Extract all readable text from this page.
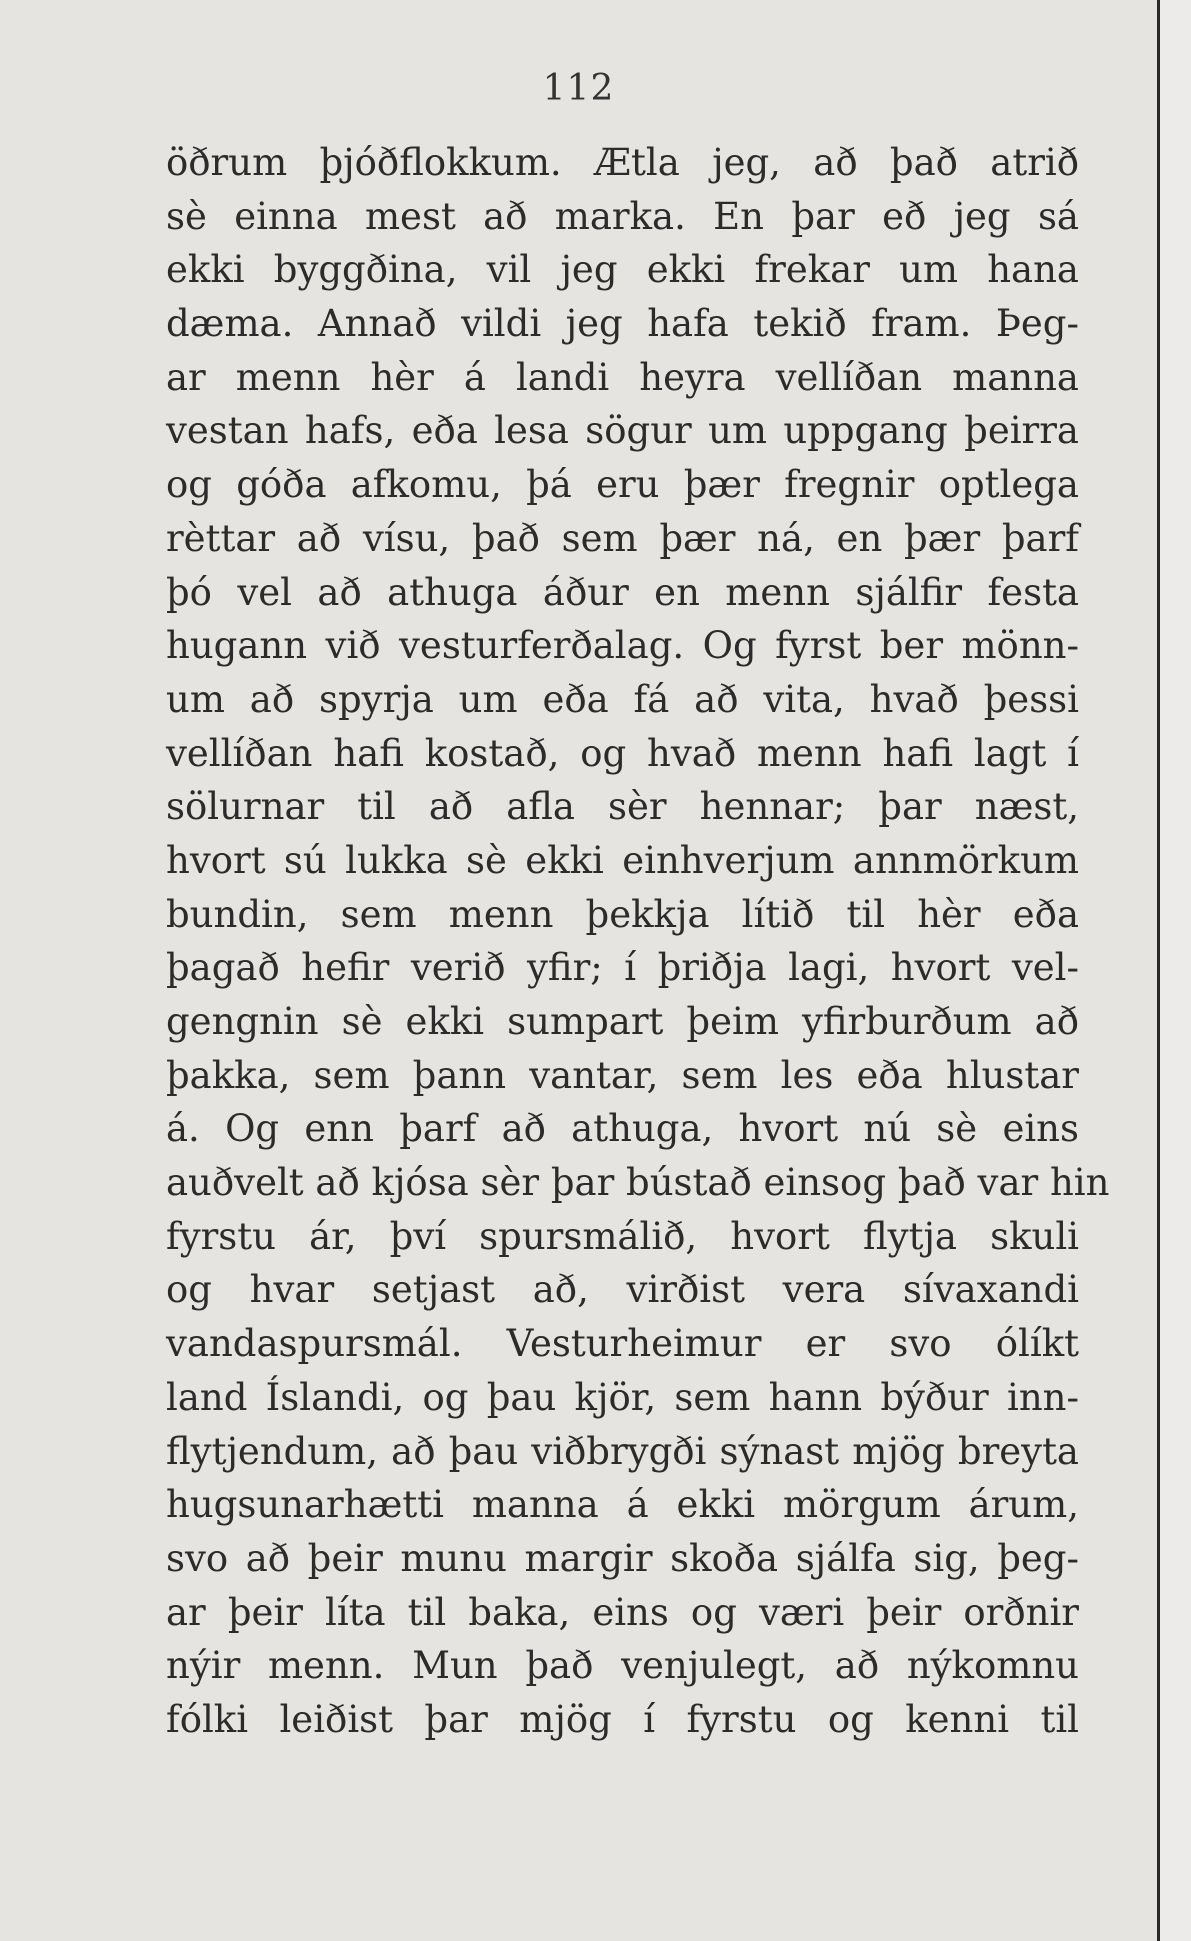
112
öðrum þjóðflokkum. Ætla jeg, að það atrið
sè einna mest að marka. En þar eð jeg sá
ekki byggðina, vil jeg ekki frekar um hana
dæma. Annað vildi jeg hafa tekið fram. Þeg-
ar menn hèr á landi heyra vellíðan manna
vestan hafs, eða lesa sögur um uppgang þeirra
og góða afkomu, þá eru þær fregnir optlega
rèttar að vísu, það sem þær ná, en þær þarf
þó vel að athuga áður en menn sjálfir festa
hugann við vesturferðalag. Og fyrst ber mönn-
um að spyrja um eða fá að vita, hvað þessi
vellíðan hafi kostað, og hvað menn hafi lagt í
sölurnar til að afla sèr hennar; þar næst,
hvort sú lukka sè ekki einhverjum annmörkum
bundin, sem menn þekkja lítið til hèr eða
þagað hefir verið yfir; í þriðja lagi, hvort vel-
gengnin sè ekki sumpart þeim yfirburðum að
þakka, sem þann vantar, sem les eða hlustar
á. Og enn þarf að athuga, hvort nú sè eins
auðvelt að kjósa sèr þar bústað einsog það var hin
fyrstu ár, því spursmálið, hvort flytja skuli
og hvar setjast að, virðist vera sívaxandi
vandaspursmál. Vesturheimur er svo ólíkt
land Íslandi, og þau kjör, sem hann býður inn-
flytjendum, að þau viðbrygði sýnast mjög breyta
hugsunarhætti manna á ekki mörgum árum,
svo að þeir munu margir skoða sjálfa sig, þeg-
ar þeir líta til baka, eins og væri þeir orðnir
nýir menn. Mun það venjulegt, að nýkomnu
fólki leiðist þar mjög í fyrstu og kenni til
